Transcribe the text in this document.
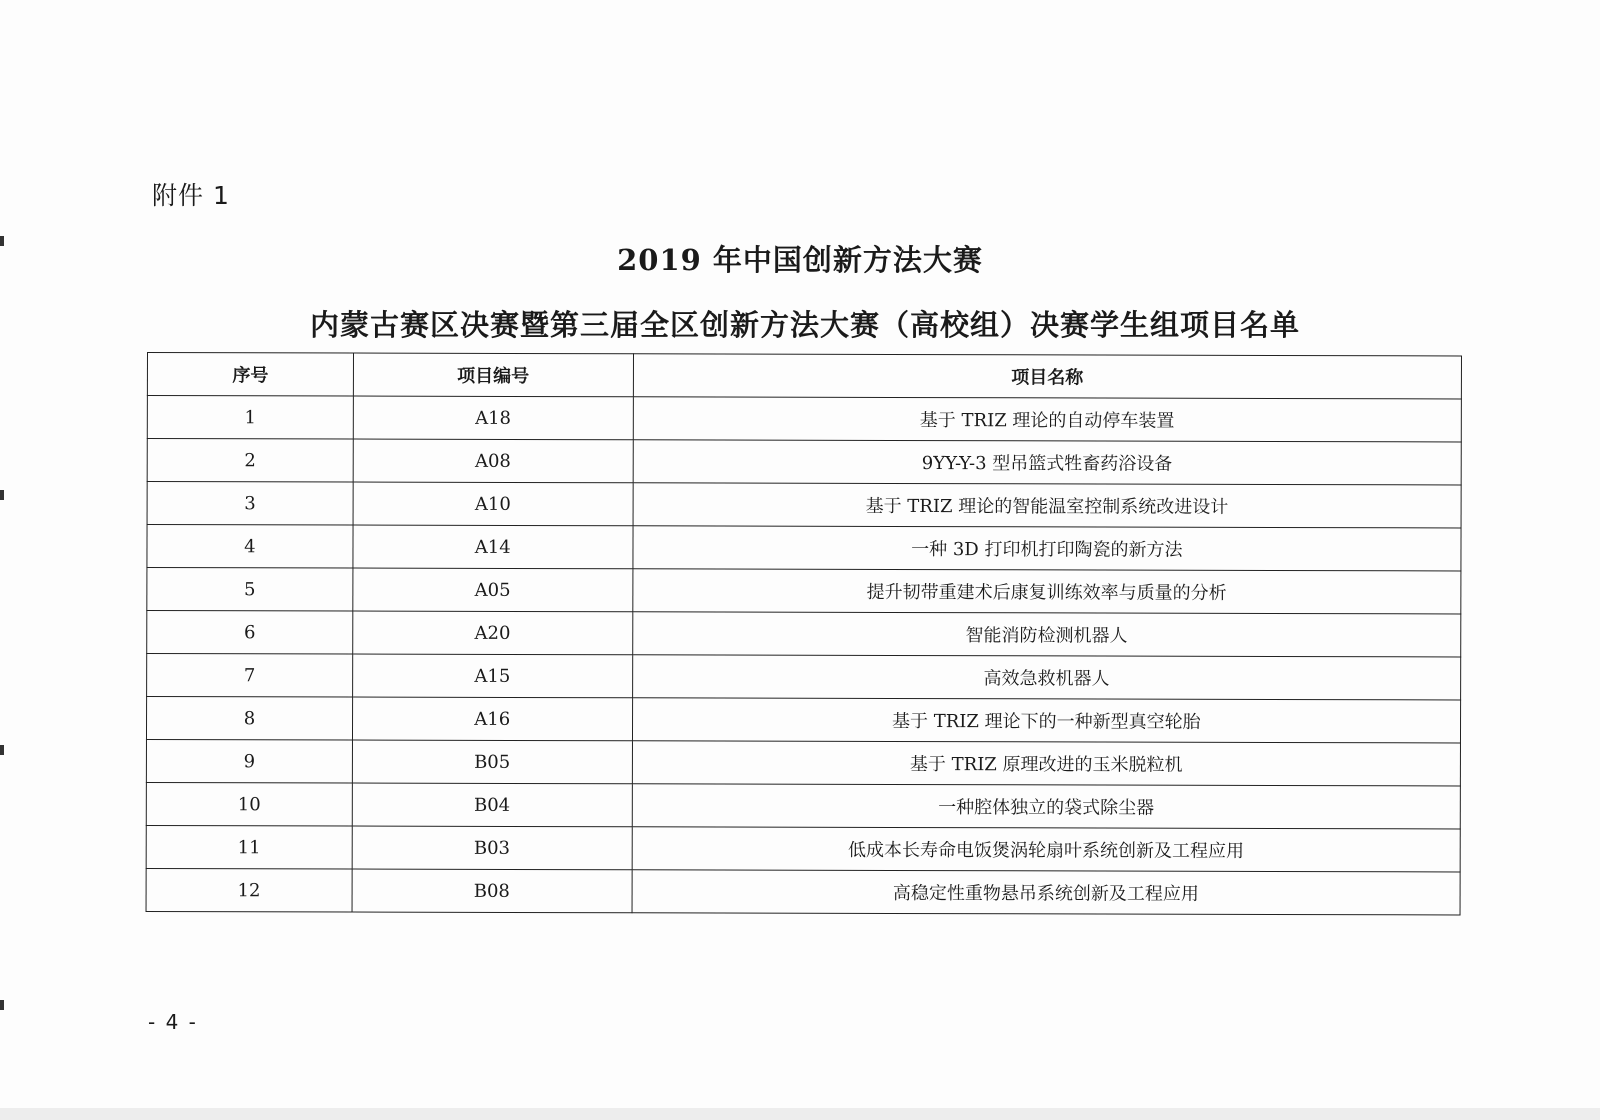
附件 1
2019 年中国创新方法大赛
内蒙古赛区决赛暨第三届全区创新方法大赛（高校组）决赛学生组项目名单
序号	项目编号	项目名称
1	A18	基于 TRIZ 理论的自动停车装置
2	A08	9YY-Y-3 型吊篮式牲畜药浴设备
3	A10	基于 TRIZ 理论的智能温室控制系统改进设计
4	A14	一种 3D 打印机打印陶瓷的新方法
5	A05	提升韧带重建术后康复训练效率与质量的分析
6	A20	智能消防检测机器人
7	A15	高效急救机器人
8	A16	基于 TRIZ 理论下的一种新型真空轮胎
9	B05	基于 TRIZ 原理改进的玉米脱粒机
10	B04	一种腔体独立的袋式除尘器
11	B03	低成本长寿命电饭煲涡轮扇叶系统创新及工程应用
12	B08	高稳定性重物悬吊系统创新及工程应用
- 4 -
